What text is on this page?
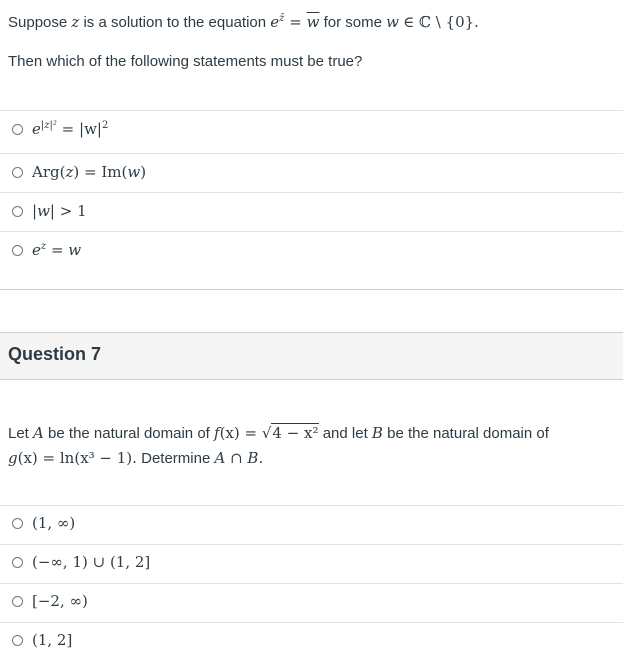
Suppose z is a solution to the equation $e^{z̄} = \overline{w}$ for some w ∈ ℂ \ {0}.
Then which of the following statements must be true?
$e^{|z|^2} = |w|^2$
Arg(z) = Im(w)
|w| > 1
$e^z = w$
Question 7
Let A be the natural domain of f(x) = √4 − x² and let B be the natural domain of g(x) = ln(x³ − 1). Determine A ∩ B.
(1, ∞)
(−∞, 1) ∪ (1, 2]
[−2, ∞)
(1, 2]
